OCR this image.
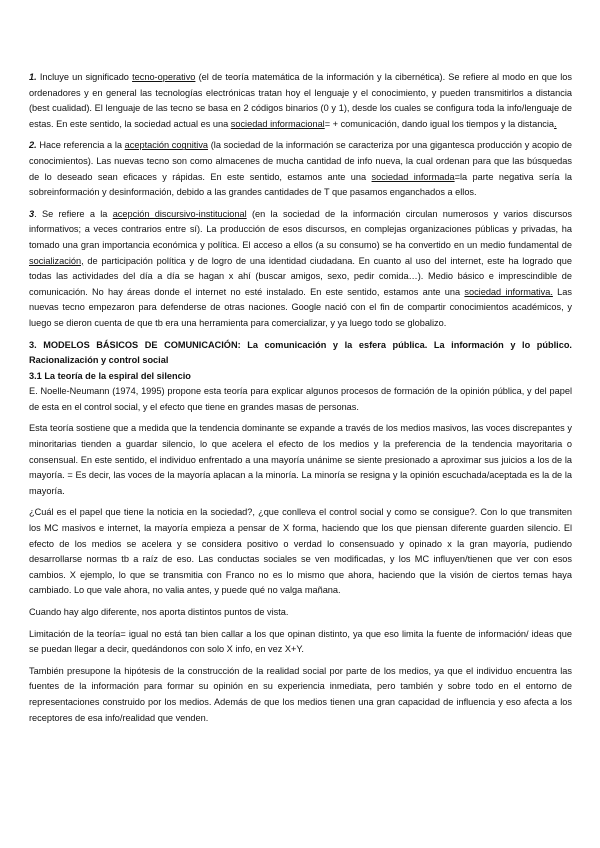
1. Incluye un significado tecno-operativo (el de teoría matemática de la información y la cibernética). Se refiere al modo en que los ordenadores y en general las tecnologías electrónicas tratan hoy el lenguaje y el conocimiento, y pueden transmitirlos a distancia (best cualidad). El lenguaje de las tecno se basa en 2 códigos binarios (0 y 1), desde los cuales se configura toda la info/lenguaje de estas. En este sentido, la sociedad actual es una sociedad informacional= + comunicación, dando igual los tiempos y la distancia.

2. Hace referencia a la aceptación cognitiva (la sociedad de la información se caracteriza por una gigantesca producción y acopio de conocimientos). Las nuevas tecno son como almacenes de mucha cantidad de info nueva, la cual ordenan para que las búsquedas de lo deseado sean eficaces y rápidas. En este sentido, estamos ante una sociedad informada=la parte negativa sería la sobreinformación y desinformación, debido a las grandes cantidades de T que pasamos enganchados a ellos.

3. Se refiere a la acepción discursivo-institucional (en la sociedad de la información circulan numerosos y varios discursos informativos; a veces contrarios entre sí). La producción de esos discursos, en complejas organizaciones públicas y privadas, ha tomado una gran importancia económica y política. El acceso a ellos (a su consumo) se ha convertido en un medio fundamental de socialización, de participación política y de logro de una identidad ciudadana. En cuanto al uso del internet, este ha logrado que todas las actividades del día a día se hagan x ahí (buscar amigos, sexo, pedir comida…). Medio básico e imprescindible de comunicación. No hay áreas donde el internet no esté instalado. En este sentido, estamos ante una sociedad informativa. Las nuevas tecno empezaron para defenderse de otras naciones. Google nació con el fin de compartir conocimientos académicos, y luego se dieron cuenta de que tb era una herramienta para comercializar, y ya luego todo se globalizo.

3. MODELOS BÁSICOS DE COMUNICACIÓN: La comunicación y la esfera pública. La información y lo público. Racionalización y control social

3.1 La teoría de la espiral del silencio

E. Noelle-Neumann (1974, 1995) propone esta teoría para explicar algunos procesos de formación de la opinión pública, y del papel de esta en el control social, y el efecto que tiene en grandes masas de personas.

Esta teoría sostiene que a medida que la tendencia dominante se expande a través de los medios masivos, las voces discrepantes y minoritarias tienden a guardar silencio, lo que acelera el efecto de los medios y la preferencia de la tendencia mayoritaria o consensual. En este sentido, el individuo enfrentado a una mayoría unánime se siente presionado a aproximar sus juicios a los de la mayoría. = Es decir, las voces de la mayoría aplacan a la minoría. La minoría se resigna y la opinión escuchada/aceptada es la de la mayoría.

¿Cuál es el papel que tiene la noticia en la sociedad?, ¿que conlleva el control social y como se consigue?. Con lo que transmiten los MC masivos e internet, la mayoría empieza a pensar de X forma, haciendo que los que piensan diferente guarden silencio. El efecto de los medios se acelera y se considera positivo o verdad lo consensuado y opinado x la gran mayoría, pudiendo desarrollarse normas tb a raíz de eso. Las conductas sociales se ven modificadas, y los MC influyen/tienen que ver con esos cambios. X ejemplo, lo que se transmitia con Franco no es lo mismo que ahora, haciendo que la visión de ciertos temas haya cambiado. Lo que vale ahora, no valia antes, y puede qué no valga mañana.

Cuando hay algo diferente, nos aporta distintos puntos de vista.

Limitación de la teoría= igual no está tan bien callar a los que opinan distinto, ya que eso limita la fuente de información/ ideas que se puedan llegar a decir, quedándonos con solo X info, en vez X+Y.

También presupone la hipótesis de la construcción de la realidad social por parte de los medios, ya que el individuo encuentra las fuentes de la información para formar su opinión en su experiencia inmediata, pero también y sobre todo en el entorno de representaciones construido por los medios. Además de que los medios tienen una gran capacidad de influencia y eso afecta a los receptores de esa info/realidad que venden.
